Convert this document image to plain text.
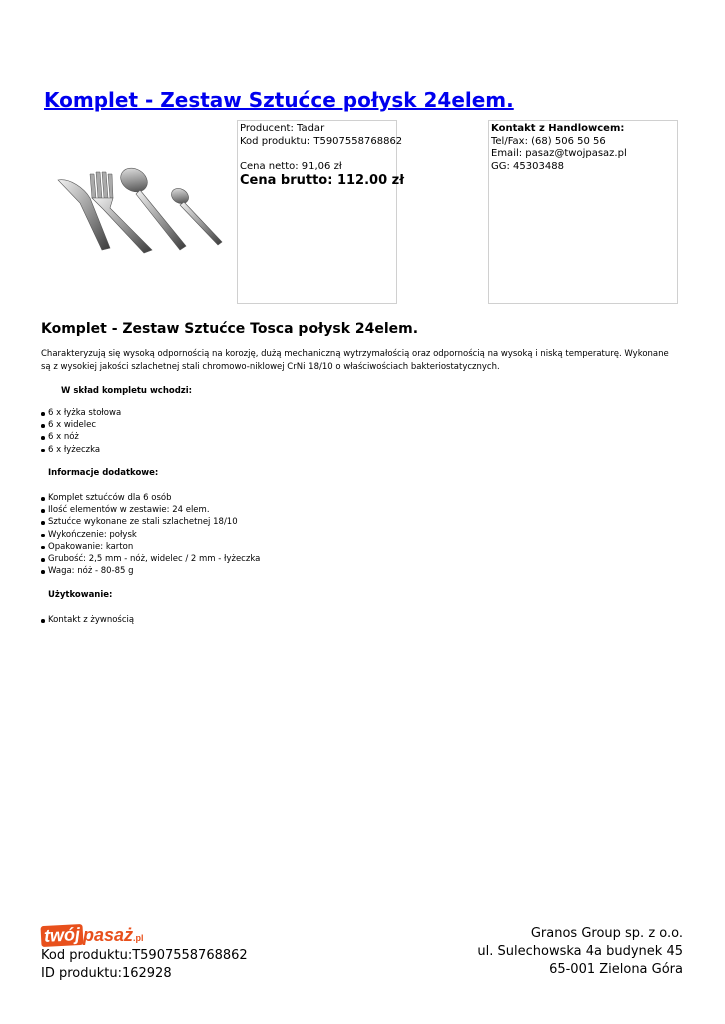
Komplet - Zestaw Sztućce połysk 24elem.
Producent: Tadar
Kod produktu: T5907558768862
Cena netto: 91,06 zł
Cena brutto: 112.00 zł
Kontakt z Handlowcem:
Tel/Fax: (68) 506 50 56
Email: pasaz@twojpasaz.pl
GG: 45303488
Komplet - Zestaw Sztućce Tosca połysk 24elem.

Charakteryzują się wysoką odpornością na korozję, dużą mechaniczną wytrzymałością oraz odpornością na wysoką i niską temperaturę. Wykonane są z wysokiej jakości szlachetnej stali chromowo-niklowej CrNi 18/10 o właściwościach bakteriostatycznych.

W skład kompletu wchodzi:
6 x łyżka stołowa
6 x widelec
6 x nóż
6 x łyżeczka
Informacje dodatkowe:
Komplet sztućców dla 6 osób
Ilość elementów w zestawie: 24 elem.
Sztućce wykonane ze stali szlachetnej 18/10
Wykończenie: połysk
Opakowanie: karton
Grubość: 2,5 mm - nóż, widelec / 2 mm - łyżeczka
Waga: nóż - 80-85 g
Użytkowanie:
Kontakt z żywnością
twój pasaż.pl
Kod produktu:T5907558768862
ID produktu:162928
Granos Group sp. z o.o.
ul. Sulechowska 4a budynek 45
65-001 Zielona Góra
